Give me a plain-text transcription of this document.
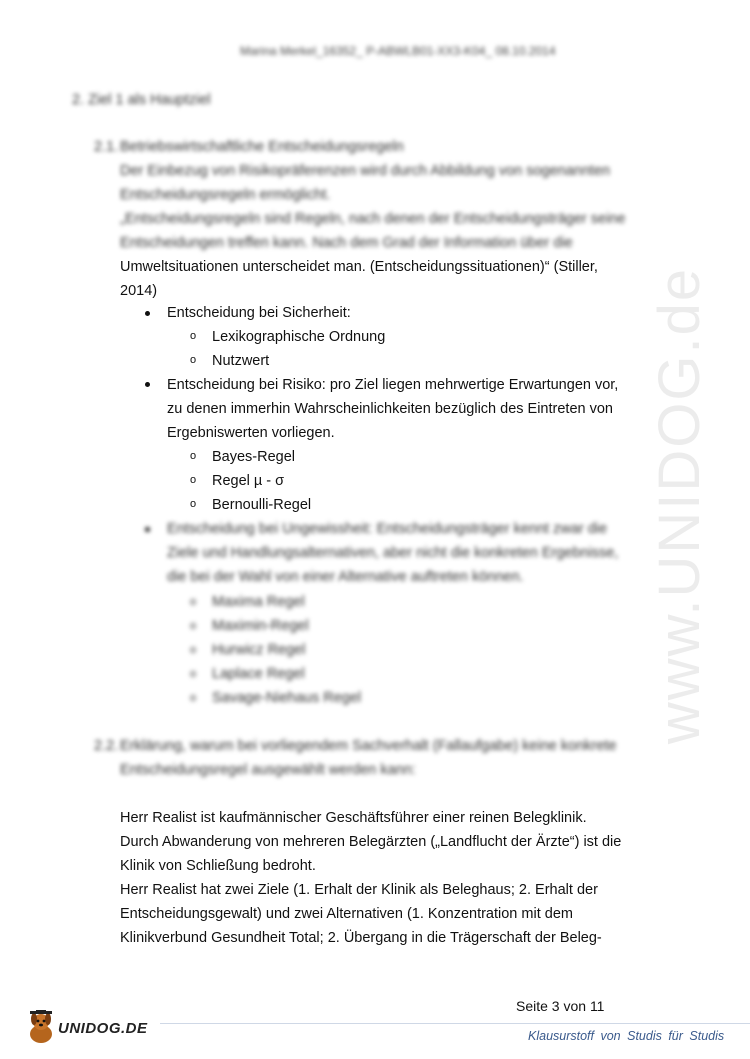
Marina Merkel_16352_ P-ABWLB01-XX3-K04_ 08.10.2014
www.UNIDOG.de
2. Ziel 1 als Hauptziel
2.1. Betriebswirtschaftliche Entscheidungsregeln
Der Einbezug von Risikopräferenzen wird durch Abbildung von sogenannten
Entscheidungsregeln ermöglicht.
„Entscheidungsregeln sind Regeln, nach denen der Entscheidungsträger seine
Entscheidungen treffen kann. Nach dem Grad der Information über die
Umweltsituationen unterscheidet man. (Entscheidungssituationen)“ (Stiller,
2014)
Entscheidung bei Sicherheit:
o Lexikographische Ordnung
o Nutzwert
Entscheidung bei Risiko: pro Ziel liegen mehrwertige Erwartungen vor,
zu denen immerhin Wahrscheinlichkeiten bezüglich des Eintreten von
Ergebniswerten vorliegen.
o Bayes-Regel
o Regel µ - σ
o Bernoulli-Regel
Entscheidung bei Ungewissheit: Entscheidungsträger kennt zwar die
Ziele und Handlungsalternativen, aber nicht die konkreten Ergebnisse,
die bei der Wahl von einer Alternative auftreten können.
o Maxima Regel
o Maximin-Regel
o Hurwicz Regel
o Laplace Regel
o Savage-Niehaus Regel
2.2. Erklärung, warum bei vorliegendem Sachverhalt (Fallaufgabe) keine konkrete
Entscheidungsregel ausgewählt werden kann:
Herr Realist ist kaufmännischer Geschäftsführer einer reinen Belegklinik.
Durch Abwanderung von mehreren Belegärzten („Landflucht der Ärzte“) ist die
Klinik von Schließung bedroht.
Herr Realist hat zwei Ziele (1. Erhalt der Klinik als Beleghaus; 2. Erhalt der
Entscheidungsgewalt) und zwei Alternativen (1. Konzentration mit dem
Klinikverbund Gesundheit Total; 2. Übergang in die Trägerschaft der Beleg-
Seite 3 von 11
UNIDOG.DE	Klausurstoff von Studis für Studis
